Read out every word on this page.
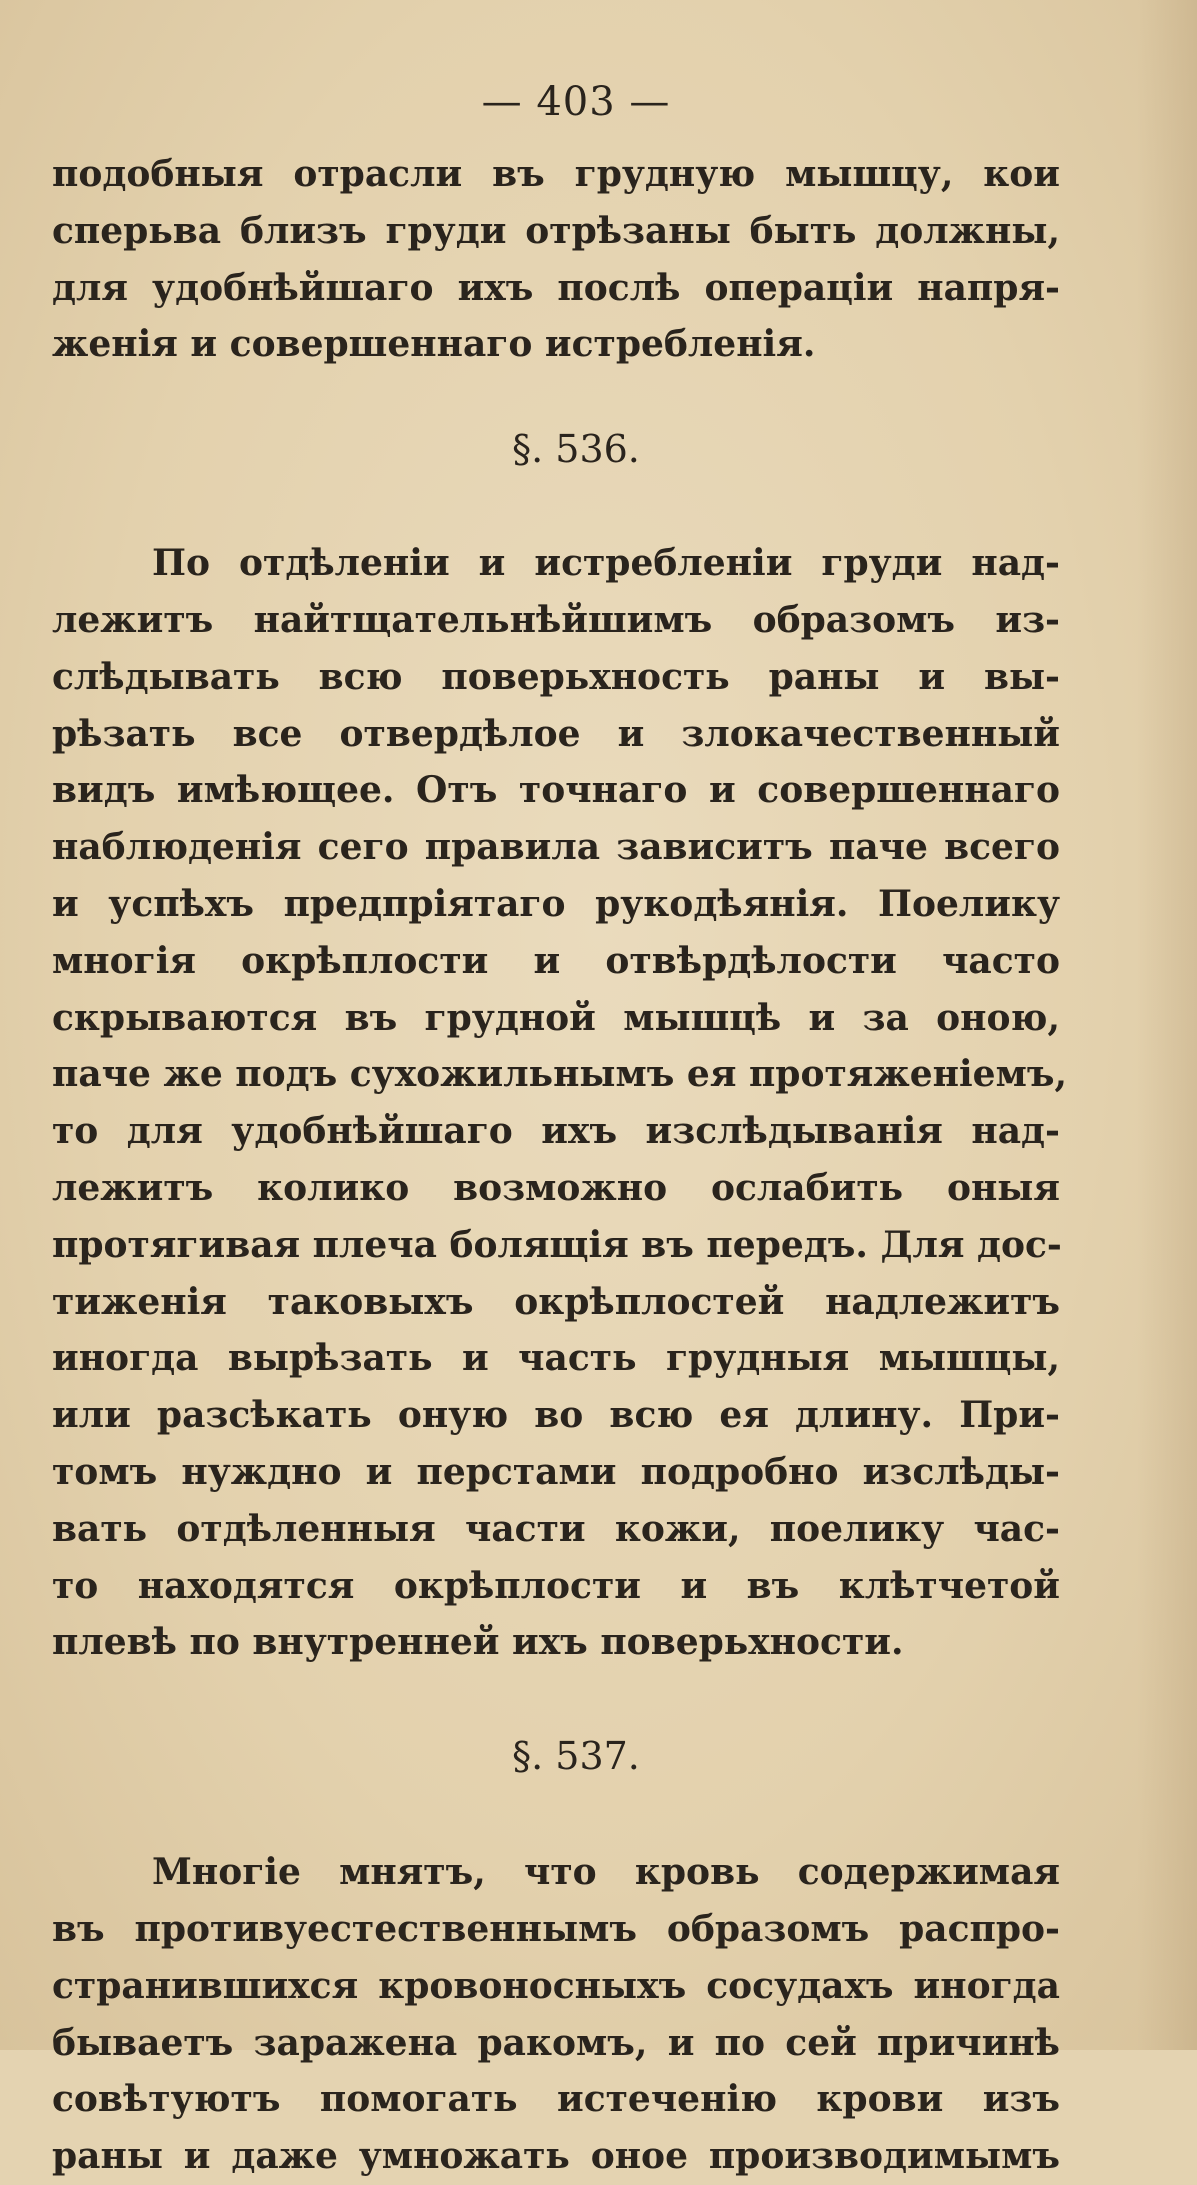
— 403 —
подобныя отрасли въ грудную мышцу, кои
сперьва близъ груди отрѣзаны быть должны,
для удобнѣйшаго ихъ послѣ операціи напря-
женія и совершеннаго истребленія.
§. 536.
По отдѣленіи и истребленіи груди над-
лежитъ найтщательнѣйшимъ образомъ из-
слѣдывать всю поверьхность раны и вы-
рѣзать все отвердѣлое и злокачественный
видъ имѣющее. Отъ точнаго и совершеннаго
наблюденія сего правила зависитъ паче всего
и успѣхъ предпріятаго рукодѣянія. Поелику
многія окрѣплости и отвѣрдѣлости часто
скрываются въ грудной мышцѣ и за оною,
паче же подъ сухожильнымъ ея протяженіемъ,
то для удобнѣйшаго ихъ изслѣдыванія над-
лежитъ колико возможно ослабить оныя
протягивая плеча болящія въ передъ. Для дос-
тиженія таковыхъ окрѣплостей надлежитъ
иногда вырѣзать и часть грудныя мышцы,
или разсѣкать оную во всю ея длину. При-
томъ нуждно и перстами подробно изслѣды-
вать отдѣленныя части кожи, поелику час-
то находятся окрѣплости и въ клѣтчетой
плевѣ по внутренней ихъ поверьхности.
§. 537.
Многіе мнятъ, что кровь содержимая
въ противуестественнымъ образомъ распро-
странившихся кровоносныхъ сосудахъ иногда
бываетъ заражена ракомъ, и по сей причинѣ
совѣтуютъ помогать истеченію крови изъ
раны и даже умножать оное производимымъ
